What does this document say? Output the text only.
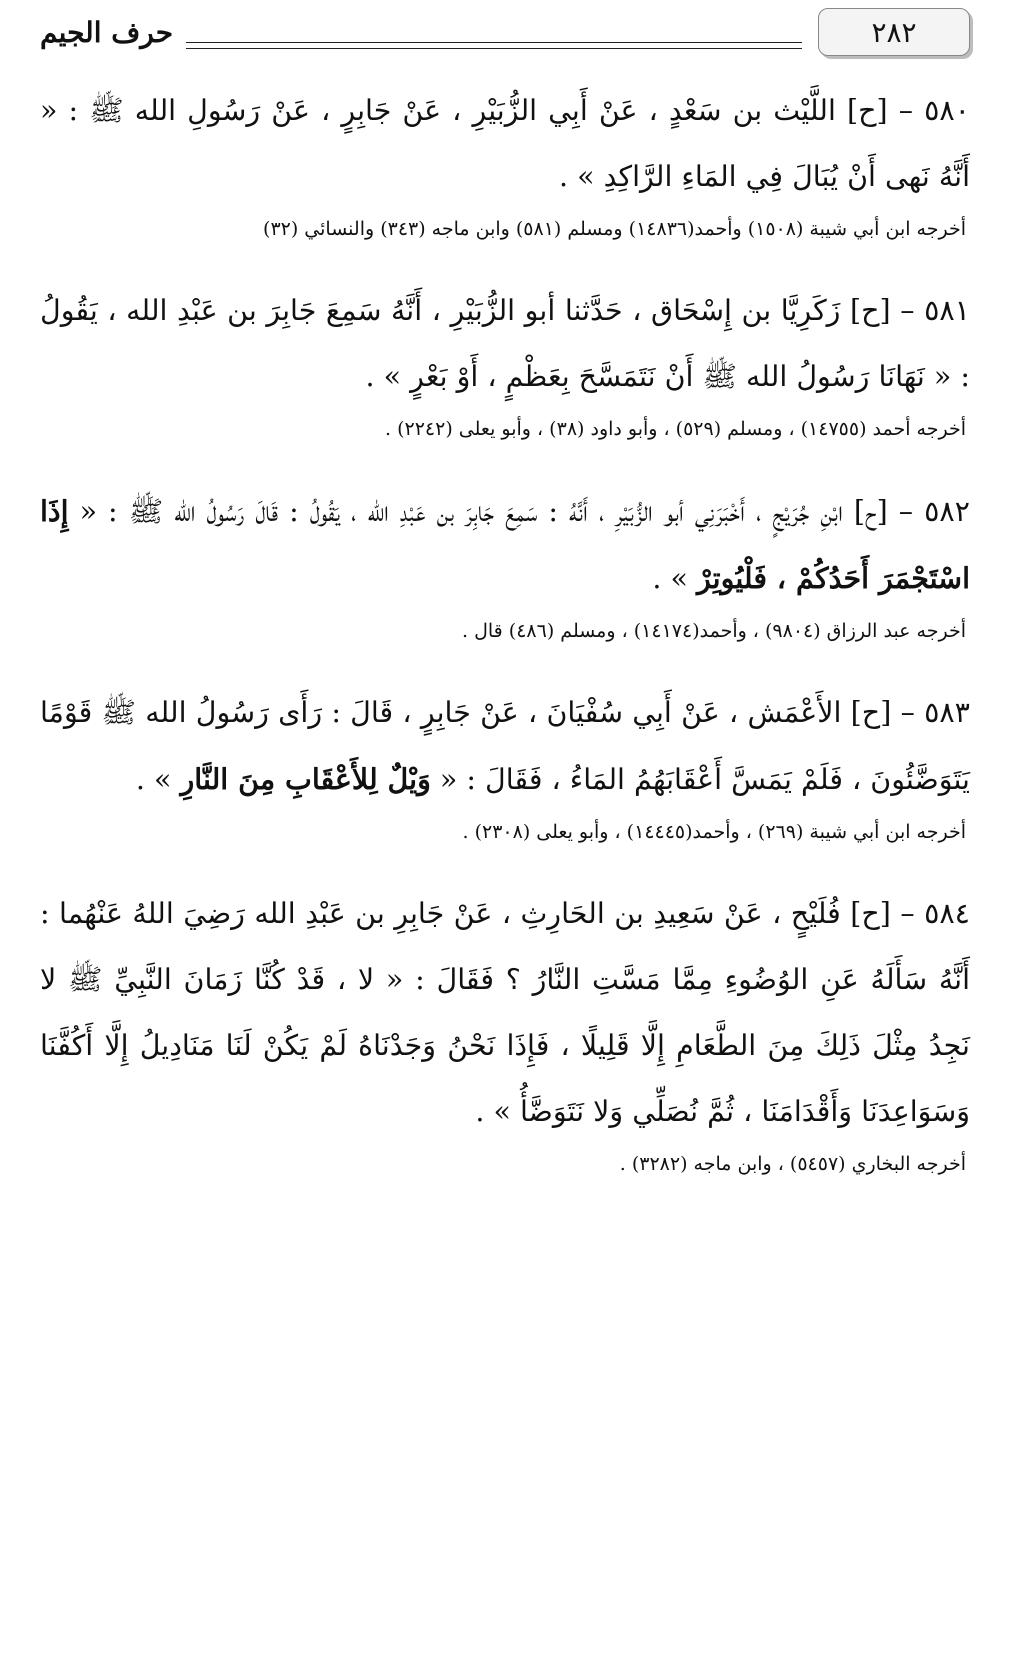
٢٨٢
حرف الجيم

٥٨٠ – [ح] اللَّيْث بن سَعْدٍ ، عَنْ أَبِي الزُّبَيْرِ ، عَنْ جَابِرٍ ، عَنْ رَسُولِ الله ﷺ : « أَنَّهُ نَهى أَنْ يُبَالَ فِي المَاءِ الرَّاكِدِ » .

أخرجه ابن أبي شيبة (١٥٠٨) وأحمد(١٤٨٣٦) ومسلم (٥٨١) وابن ماجه (٣٤٣) والنسائي (٣٢)

٥٨١ – [ح] زَكَرِيَّا بن إِسْحَاق ، حَدَّثنا أبو الزُّبَيْرِ ، أَنَّهُ سَمِعَ جَابِرَ بن عَبْدِ الله ، يَقُولُ : « نَهَانَا رَسُولُ الله ﷺ أَنْ نَتَمَسَّحَ بِعَظْمٍ ، أَوْ بَعْرٍ » .

أخرجه أحمد (١٤٧٥٥) ، ومسلم (٥٢٩) ، وأبو داود (٣٨) ، وأبو يعلى (٢٢٤٢) .

٥٨٢ – [ح] ابْنِ جُرَيْجٍ ، أَخْبَرَنِي أبو الزُّبَيْرِ ، أَنَّهُ : سَمِعَ جَابِرَ بن عَبْدِ الله ، يَقُولُ : قَالَ رَسُولُ الله ﷺ : « إِذَا اسْتَجْمَرَ أَحَدُكُمْ ، فَلْيُوتِرْ » .

أخرجه عبد الرزاق (٩٨٠٤) ، وأحمد(١٤١٧٤) ، ومسلم (٤٨٦) قال .

٥٨٣ – [ح] الأَعْمَش ، عَنْ أَبِي سُفْيَانَ ، عَنْ جَابِرٍ ، قَالَ : رَأَى رَسُولُ الله ﷺ قَوْمًا يَتَوَضَّئُونَ ، فَلَمْ يَمَسَّ أَعْقَابَهُمُ المَاءُ ، فَقَالَ : « وَيْلٌ لِلأَعْقَابِ مِنَ النَّارِ » .

أخرجه ابن أبي شيبة (٢٦٩) ، وأحمد(١٤٤٤٥) ، وأبو يعلى (٢٣٠٨) .

٥٨٤ – [ح] فُلَيْحٍ ، عَنْ سَعِيدِ بن الحَارِثِ ، عَنْ جَابِرِ بن عَبْدِ الله رَضِيَ اللهُ عَنْهُما : أَنَّهُ سَأَلَهُ عَنِ الوُضُوءِ مِمَّا مَسَّتِ النَّارُ ؟ فَقَالَ : « لا ، قَدْ كُنَّا زَمَانَ النَّبِيِّ ﷺ لا نَجِدُ مِثْلَ ذَلِكَ مِنَ الطَّعَامِ إِلَّا قَلِيلًا ، فَإِذَا نَحْنُ وَجَدْنَاهُ لَمْ يَكُنْ لَنَا مَنَادِيلُ إِلَّا أَكُفَّنَا وَسَوَاعِدَنَا وَأَقْدَامَنَا ، ثُمَّ نُصَلِّي وَلا نَتَوَضَّأُ » .

أخرجه البخاري (٥٤٥٧) ، وابن ماجه (٣٢٨٢) .
